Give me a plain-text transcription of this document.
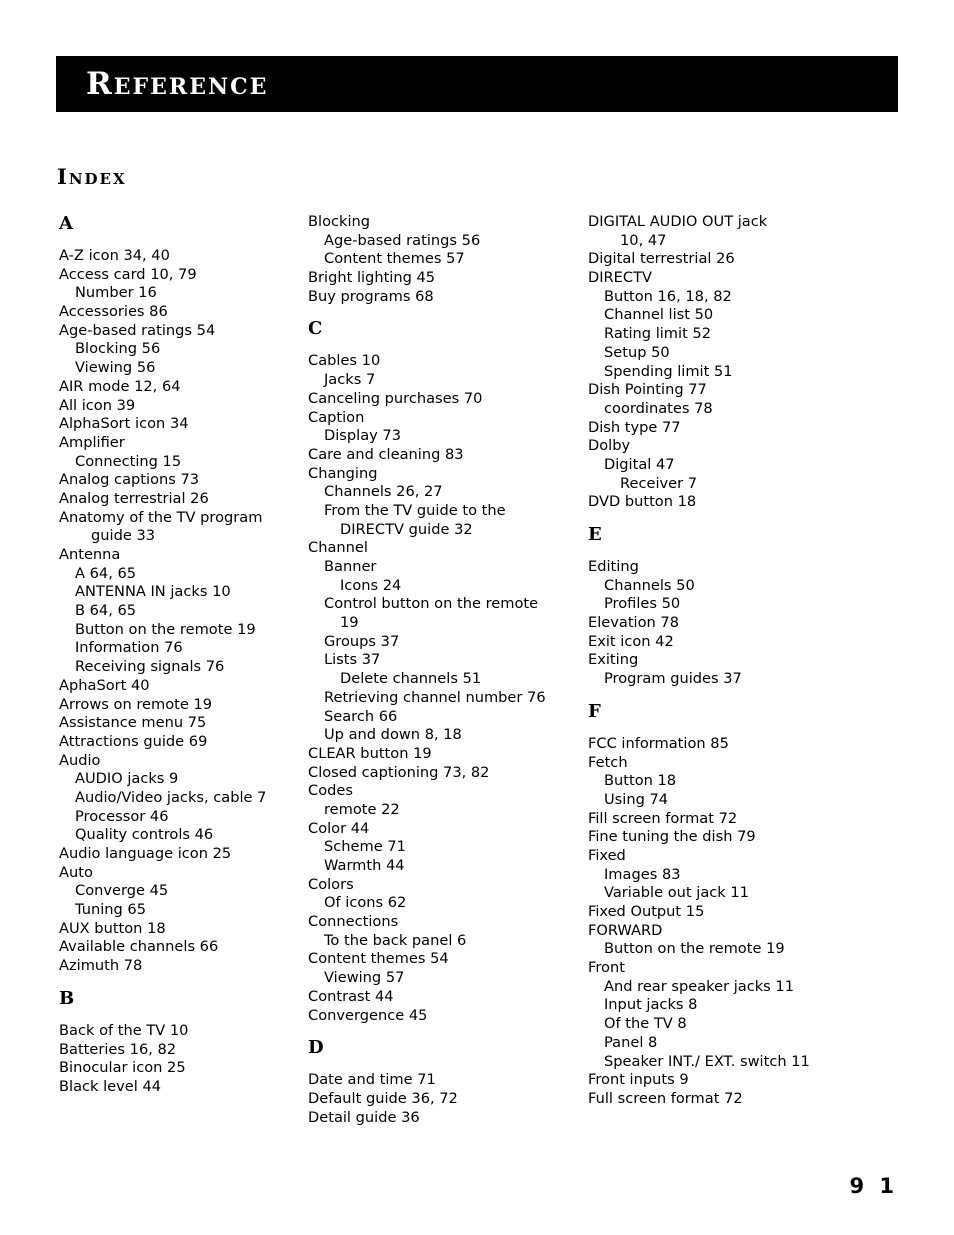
Reference
Index
A
A-Z icon 34, 40
Access card 10, 79
Number 16
Accessories 86
Age-based ratings 54
Blocking 56
Viewing 56
AIR mode 12, 64
All icon 39
AlphaSort icon 34
Amplifier
Connecting 15
Analog captions 73
Analog terrestrial 26
Anatomy of the TV program
guide 33
Antenna
A 64, 65
ANTENNA IN jacks 10
B 64, 65
Button on the remote 19
Information 76
Receiving signals 76
AphaSort 40
Arrows on remote 19
Assistance menu 75
Attractions guide 69
Audio
AUDIO jacks 9
Audio/Video jacks, cable 7
Processor 46
Quality controls 46
Audio language icon 25
Auto
Converge 45
Tuning 65
AUX button 18
Available channels 66
Azimuth 78
B
Back of the TV 10
Batteries 16, 82
Binocular icon 25
Black level 44
Blocking
Age-based ratings 56
Content themes 57
Bright lighting 45
Buy programs 68
C
Cables 10
Jacks 7
Canceling purchases 70
Caption
Display 73
Care and cleaning 83
Changing
Channels 26, 27
From the TV guide to the
DIRECTV guide 32
Channel
Banner
Icons 24
Control button on the remote
19
Groups 37
Lists 37
Delete channels 51
Retrieving channel number 76
Search 66
Up and down 8, 18
CLEAR button 19
Closed captioning 73, 82
Codes
remote 22
Color 44
Scheme 71
Warmth 44
Colors
Of icons 62
Connections
To the back panel 6
Content themes 54
Viewing 57
Contrast 44
Convergence 45
D
Date and time 71
Default guide 36, 72
Detail guide 36
DIGITAL AUDIO OUT jack
10, 47
Digital terrestrial 26
DIRECTV
Button 16, 18, 82
Channel list 50
Rating limit 52
Setup 50
Spending limit 51
Dish Pointing 77
coordinates 78
Dish type 77
Dolby
Digital 47
Receiver 7
DVD button 18
E
Editing
Channels 50
Profiles 50
Elevation 78
Exit icon 42
Exiting
Program guides 37
F
FCC information 85
Fetch
Button 18
Using 74
Fill screen format 72
Fine tuning the dish 79
Fixed
Images 83
Variable out jack 11
Fixed Output 15
FORWARD
Button on the remote 19
Front
And rear speaker jacks 11
Input jacks 8
Of the TV 8
Panel 8
Speaker INT./ EXT. switch 11
Front inputs 9
Full screen format 72
9 1
